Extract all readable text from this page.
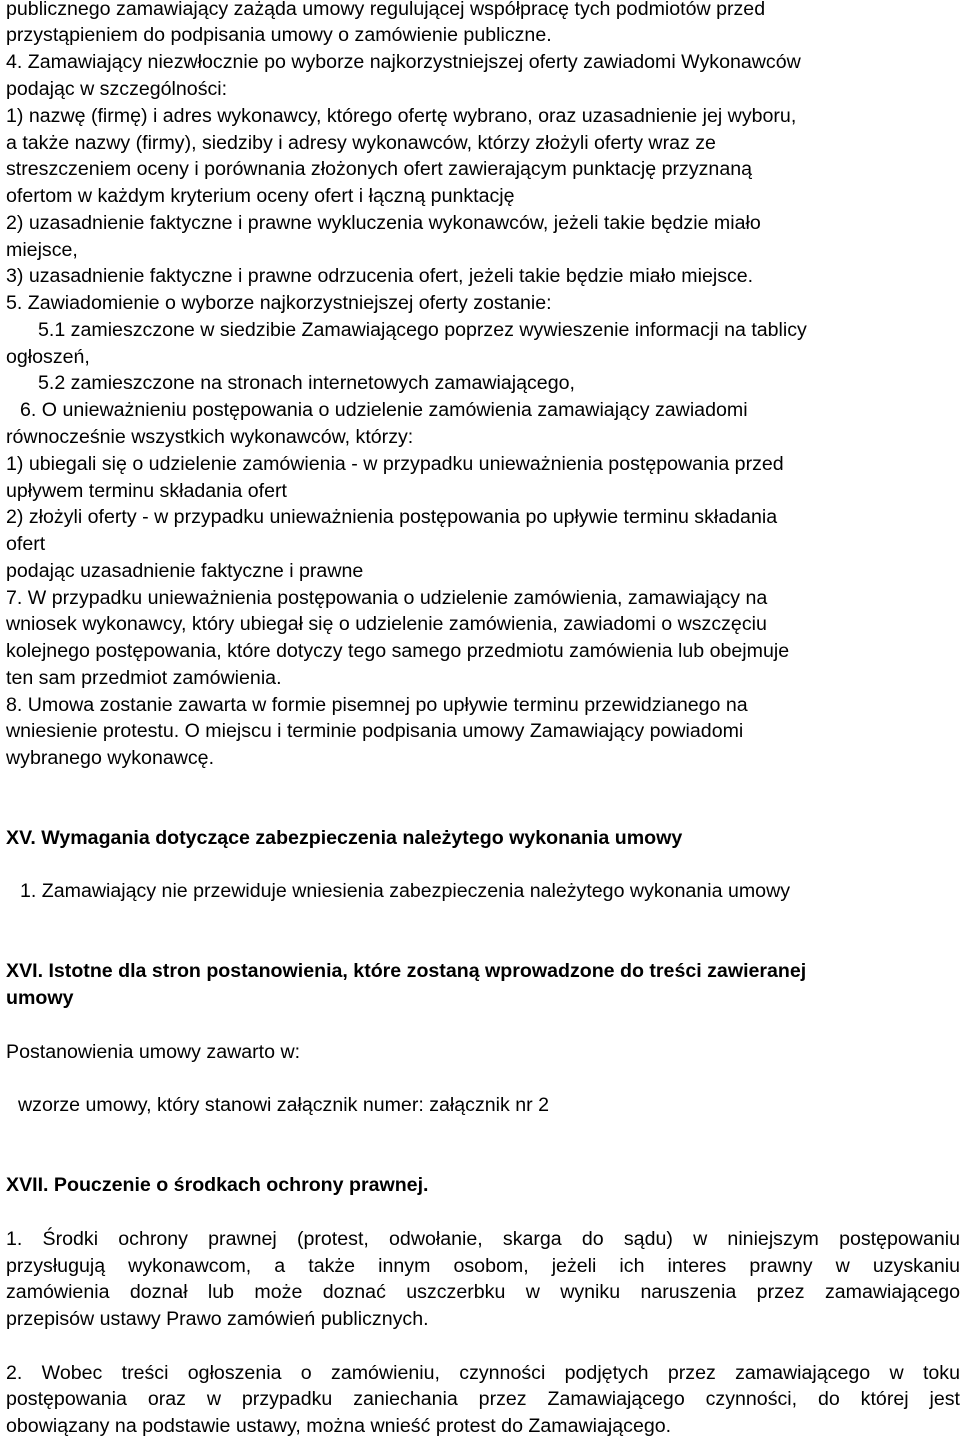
publicznego zamawiający zażąda umowy regulującej współpracę tych podmiotów przed
przystąpieniem do podpisania umowy o zamówienie publiczne.
4. Zamawiający niezwłocznie po wyborze najkorzystniejszej oferty zawiadomi Wykonawców
podając w szczególności:
1) nazwę (firmę) i adres wykonawcy, którego ofertę wybrano, oraz uzasadnienie jej wyboru,
a także nazwy (firmy), siedziby i adresy wykonawców, którzy złożyli oferty wraz ze
streszczeniem oceny i porównania złożonych ofert zawierającym punktację przyznaną
ofertom w każdym kryterium oceny ofert i łączną punktację
2) uzasadnienie faktyczne i prawne wykluczenia wykonawców, jeżeli takie będzie miało
miejsce,
3) uzasadnienie faktyczne i prawne odrzucenia ofert, jeżeli takie będzie miało miejsce.
5. Zawiadomienie o wyborze najkorzystniejszej oferty zostanie:
5.1 zamieszczone w siedzibie Zamawiającego poprzez wywieszenie informacji na tablicy
ogłoszeń,
5.2 zamieszczone na stronach internetowych zamawiającego,
6. O unieważnieniu postępowania o udzielenie zamówienia zamawiający zawiadomi
równocześnie wszystkich wykonawców, którzy:
1) ubiegali się o udzielenie zamówienia - w przypadku unieważnienia postępowania przed
upływem terminu składania ofert
2) złożyli oferty - w przypadku unieważnienia postępowania po upływie terminu składania
ofert
podając uzasadnienie faktyczne i prawne
7. W przypadku unieważnienia postępowania o udzielenie zamówienia, zamawiający na
wniosek wykonawcy, który ubiegał się o udzielenie zamówienia, zawiadomi o wszczęciu
kolejnego postępowania, które dotyczy tego samego przedmiotu zamówienia lub obejmuje
ten sam przedmiot zamówienia.
8. Umowa zostanie zawarta w formie pisemnej po upływie terminu przewidzianego na
wniesienie protestu. O miejscu i terminie podpisania umowy Zamawiający powiadomi
wybranego wykonawcę.
XV. Wymagania dotyczące zabezpieczenia należytego wykonania umowy
1. Zamawiający nie przewiduje wniesienia zabezpieczenia należytego wykonania umowy
XVI. Istotne dla stron postanowienia, które zostaną wprowadzone do treści zawieranej
umowy
Postanowienia umowy zawarto w:
wzorze umowy, który stanowi załącznik numer: załącznik nr 2
XVII. Pouczenie o środkach ochrony prawnej.
1. Środki ochrony prawnej (protest, odwołanie, skarga do sądu) w niniejszym postępowaniu
przysługują wykonawcom, a także innym osobom, jeżeli ich interes prawny w uzyskaniu
zamówienia doznał lub może doznać uszczerbku w wyniku naruszenia przez zamawiającego
przepisów ustawy Prawo zamówień publicznych.
2. Wobec treści ogłoszenia o zamówieniu, czynności podjętych przez zamawiającego w toku
postępowania oraz w przypadku zaniechania przez Zamawiającego czynności, do której jest
obowiązany na podstawie ustawy, można wnieść protest do Zamawiającego.
